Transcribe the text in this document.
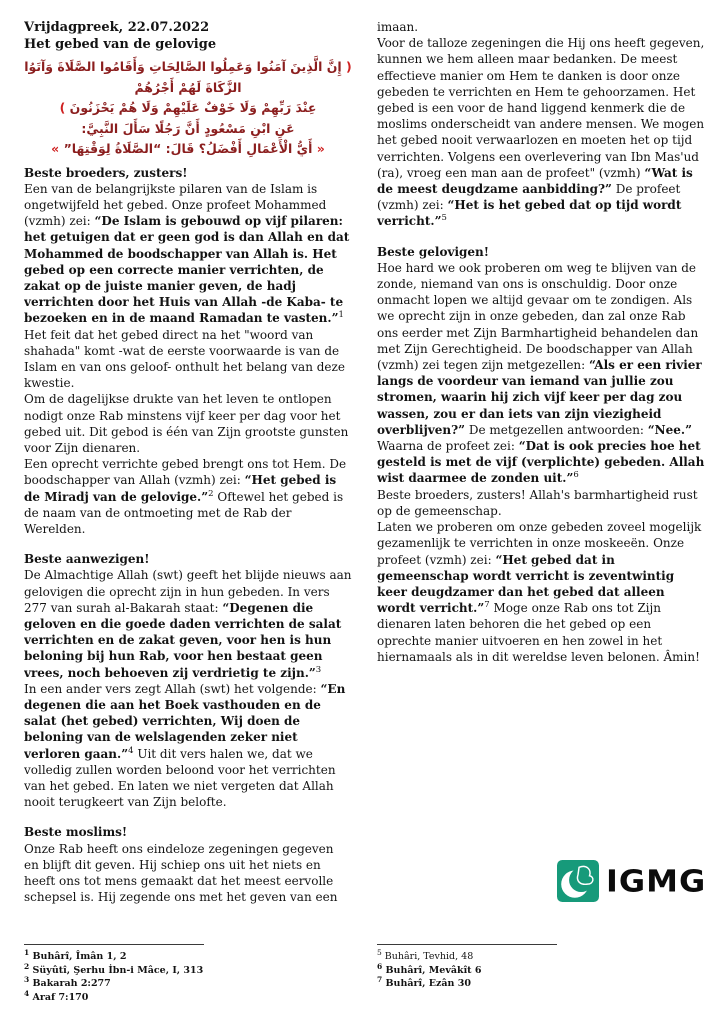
Vrijdagpreek, 22.07.2022
Het gebed van de gelovige
( إِنَّ الَّذِينَ آمَنُوا وَعَمِلُوا الصَّالِحَاتِ وَأَقَامُوا الصَّلَاةَ وَآتَوُا الزَّكَاةَ لَهُمْ أَجْرُهُمْ
عِنْدَ رَبِّهِمْ وَلَا خَوْفٌ عَلَيْهِمْ وَلَا هُمْ يَحْزَنُونَ )
عَنِ ابْنِ مَسْعُودٍ أَنَّ رَجُلًا سَأَلَ النَّبِيَّ:
« أَيُّ الْأَعْمَالِ أَفْضَلُ؟ قَالَ: “الصَّلَاةُ لِوَقْتِهَا” »
Beste broeders, zusters!
Een van de belangrijkste pilaren van de Islam is ongetwijfeld het gebed. Onze profeet Mohammed (vzmh) zei: “De Islam is gebouwd op vijf pilaren: het getuigen dat er geen god is dan Allah en dat Mohammed de boodschapper van Allah is. Het gebed op een correcte manier verrichten, de zakat op de juiste manier geven, de hadj verrichten door het Huis van Allah -de Kaba- te bezoeken en in de maand Ramadan te vasten.”$^1$
Het feit dat het gebed direct na het "woord van shahada" komt -wat de eerste voorwaarde is van de Islam en van ons geloof- onthult het belang van deze kwestie.
Om de dagelijkse drukte van het leven te ontlopen nodigt onze Rab minstens vijf keer per dag voor het gebed uit. Dit gebod is één van Zijn grootste gunsten voor Zijn dienaren.
Een oprecht verrichte gebed brengt ons tot Hem. De boodschapper van Allah (vzmh) zei: “Het gebed is de Miradj van de gelovige.”$^2$ Oftewel het gebed is de naam van de ontmoeting met de Rab der Werelden.
Beste aanwezigen!
De Almachtige Allah (swt) geeft het blijde nieuws aan gelovigen die oprecht zijn in hun gebeden. In vers 277 van surah al-Bakarah staat: “Degenen die geloven en die goede daden verrichten de salat verrichten en de zakat geven, voor hen is hun beloning bij hun Rab, voor hen bestaat geen vrees, noch behoeven zij verdrietig te zijn.”$^3$
In een ander vers zegt Allah (swt) het volgende: “En degenen die aan het Boek vasthouden en de salat (het gebed) verrichten, Wij doen de beloning van de welslagenden zeker niet verloren gaan.”$^4$ Uit dit vers halen we, dat we volledig zullen worden beloond voor het verrichten van het gebed. En laten we niet vergeten dat Allah nooit terugkeert van Zijn belofte.
Beste moslims!
Onze Rab heeft ons eindeloze zegeningen gegeven en blijft dit geven. Hij schiep ons uit het niets en heeft ons tot mens gemaakt dat het meest eervolle schepsel is. Hij zegende ons met het geven van een
$^1$ Buhârî, Îmân 1, 2
$^2$ Süyûtî, Şerhu İbn-i Mâce, I, 313
$^3$ Bakarah 2:277
$^4$ Araf 7:170
imaan.
Voor de talloze zegeningen die Hij ons heeft gegeven, kunnen we hem alleen maar bedanken. De meest effectieve manier om Hem te danken is door onze gebeden te verrichten en Hem te gehoorzamen. Het gebed is een voor de hand liggend kenmerk die de moslims onderscheidt van andere mensen. We mogen het gebed nooit verwaarlozen en moeten het op tijd verrichten. Volgens een overlevering van Ibn Mas'ud (ra), vroeg een man aan de profeet" (vzmh) “Wat is de meest deugdzame aanbidding?” De profeet (vzmh) zei: “Het is het gebed dat op tijd wordt verricht.”$^5$
Beste gelovigen!
Hoe hard we ook proberen om weg te blijven van de zonde, niemand van ons is onschuldig. Door onze onmacht lopen we altijd gevaar om te zondigen. Als we oprecht zijn in onze gebeden, dan zal onze Rab ons eerder met Zijn Barmhartigheid behandelen dan met Zijn Gerechtigheid. De boodschapper van Allah (vzmh) zei tegen zijn metgezellen: “Als er een rivier langs de voordeur van iemand van jullie zou stromen, waarin hij zich vijf keer per dag zou wassen, zou er dan iets van zijn viezigheid overblijven?” De metgezellen antwoorden: “Nee.” Waarna de profeet zei: “Dat is ook precies hoe het gesteld is met de vijf (verplichte) gebeden. Allah wist daarmee de zonden uit.”$^6$
Beste broeders, zusters! Allah's barmhartigheid rust op de gemeenschap.
Laten we proberen om onze gebeden zoveel mogelijk gezamenlijk te verrichten in onze moskeeën. Onze profeet (vzmh) zei: “Het gebed dat in gemeenschap wordt verricht is zeventwintig keer deugdzamer dan het gebed dat alleen wordt verricht.”$^7$ Moge onze Rab ons tot Zijn dienaren laten behoren die het gebed op een oprechte manier uitvoeren en hen zowel in het hiernamaals als in dit wereldse leven belonen. Âmin!
IGMG
$^5$ Buhâri, Tevhid, 48
$^6$ Buhârî, Mevâkît 6
$^7$ Buhârî, Ezân 30
